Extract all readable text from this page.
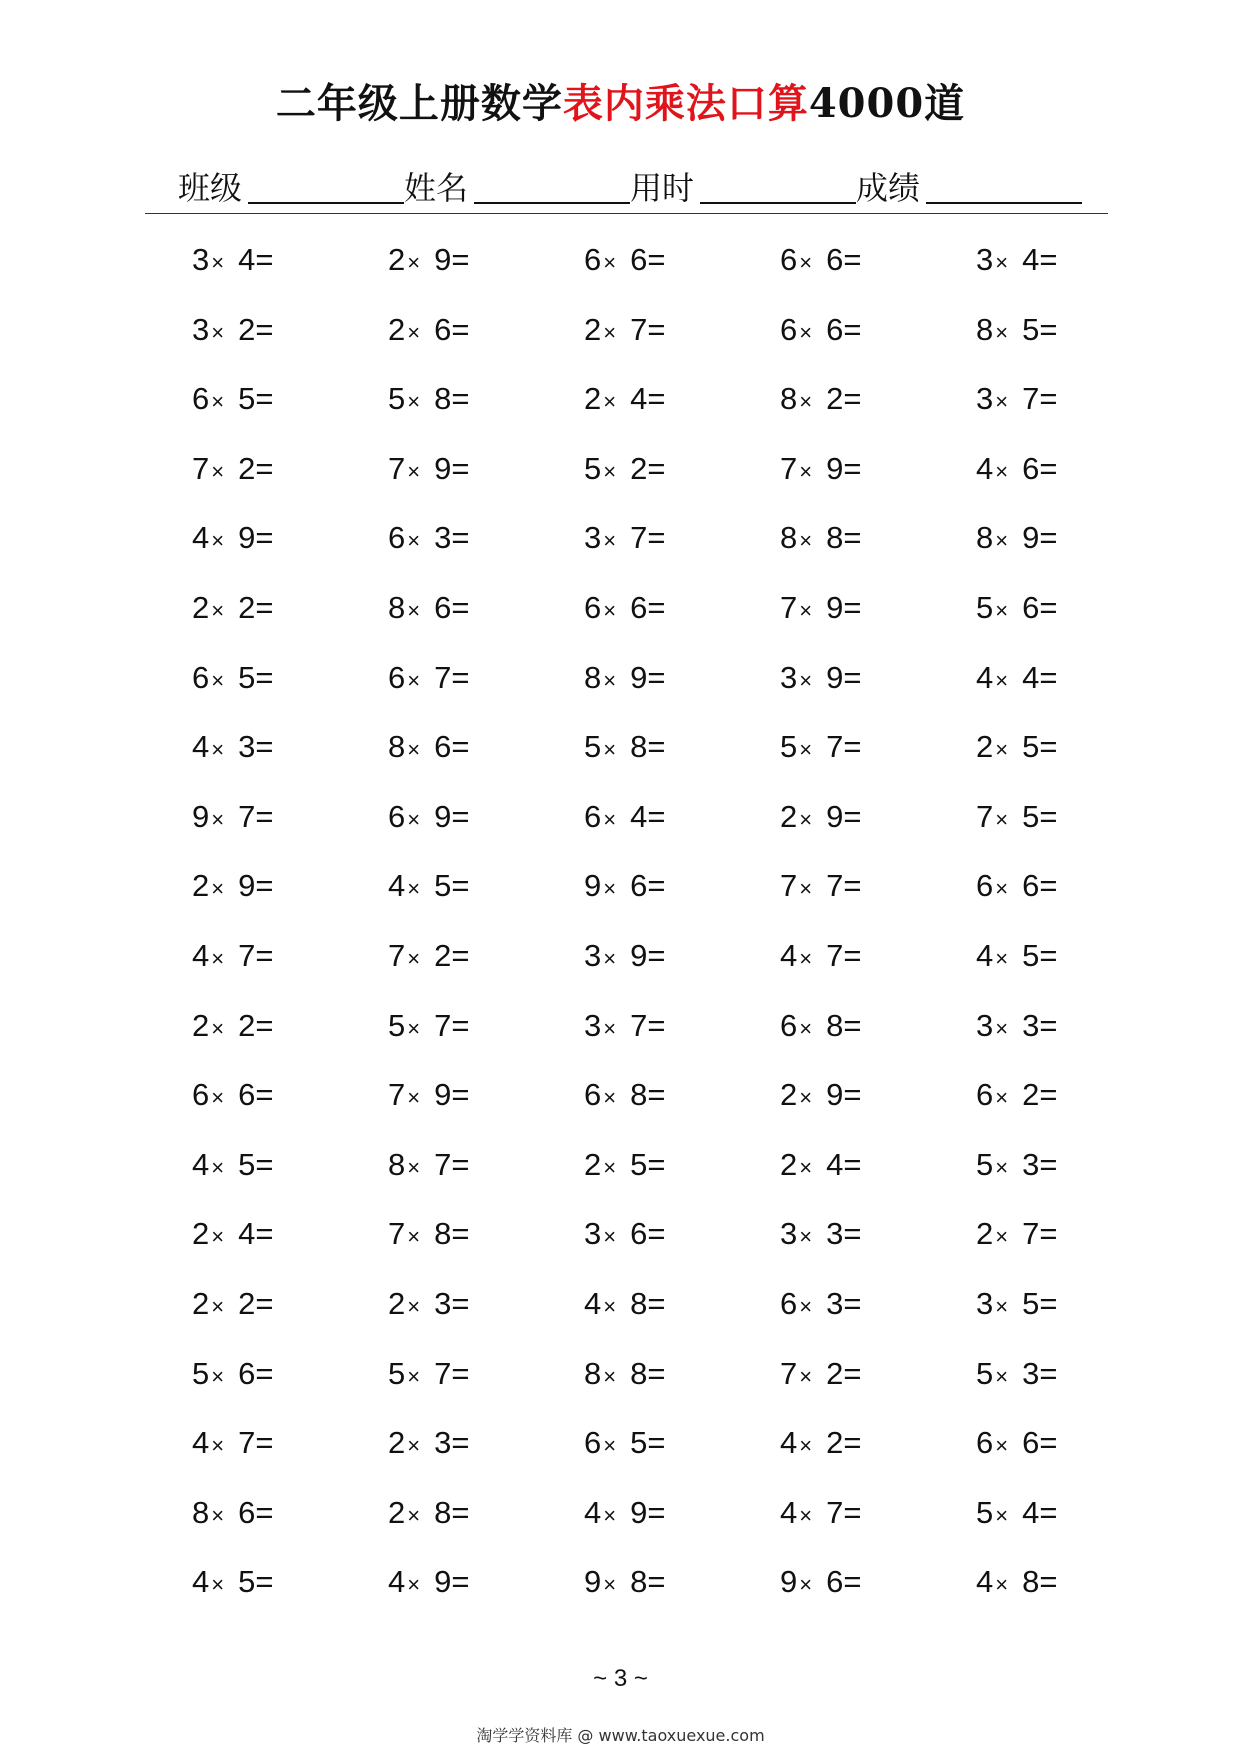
二年级上册数学表内乘法口算4000道
班级	姓名	用时	成绩
3× 4=	2× 9=	6× 6=	6× 6=	3× 4=
3× 2=	2× 6=	2× 7=	6× 6=	8× 5=
6× 5=	5× 8=	2× 4=	8× 2=	3× 7=
7× 2=	7× 9=	5× 2=	7× 9=	4× 6=
4× 9=	6× 3=	3× 7=	8× 8=	8× 9=
2× 2=	8× 6=	6× 6=	7× 9=	5× 6=
6× 5=	6× 7=	8× 9=	3× 9=	4× 4=
4× 3=	8× 6=	5× 8=	5× 7=	2× 5=
9× 7=	6× 9=	6× 4=	2× 9=	7× 5=
2× 9=	4× 5=	9× 6=	7× 7=	6× 6=
4× 7=	7× 2=	3× 9=	4× 7=	4× 5=
2× 2=	5× 7=	3× 7=	6× 8=	3× 3=
6× 6=	7× 9=	6× 8=	2× 9=	6× 2=
4× 5=	8× 7=	2× 5=	2× 4=	5× 3=
2× 4=	7× 8=	3× 6=	3× 3=	2× 7=
2× 2=	2× 3=	4× 8=	6× 3=	3× 5=
5× 6=	5× 7=	8× 8=	7× 2=	5× 3=
4× 7=	2× 3=	6× 5=	4× 2=	6× 6=
8× 6=	2× 8=	4× 9=	4× 7=	5× 4=
4× 5=	4× 9=	9× 8=	9× 6=	4× 8=
~ 3 ~
淘学学资料库 @ www.taoxuexue.com
